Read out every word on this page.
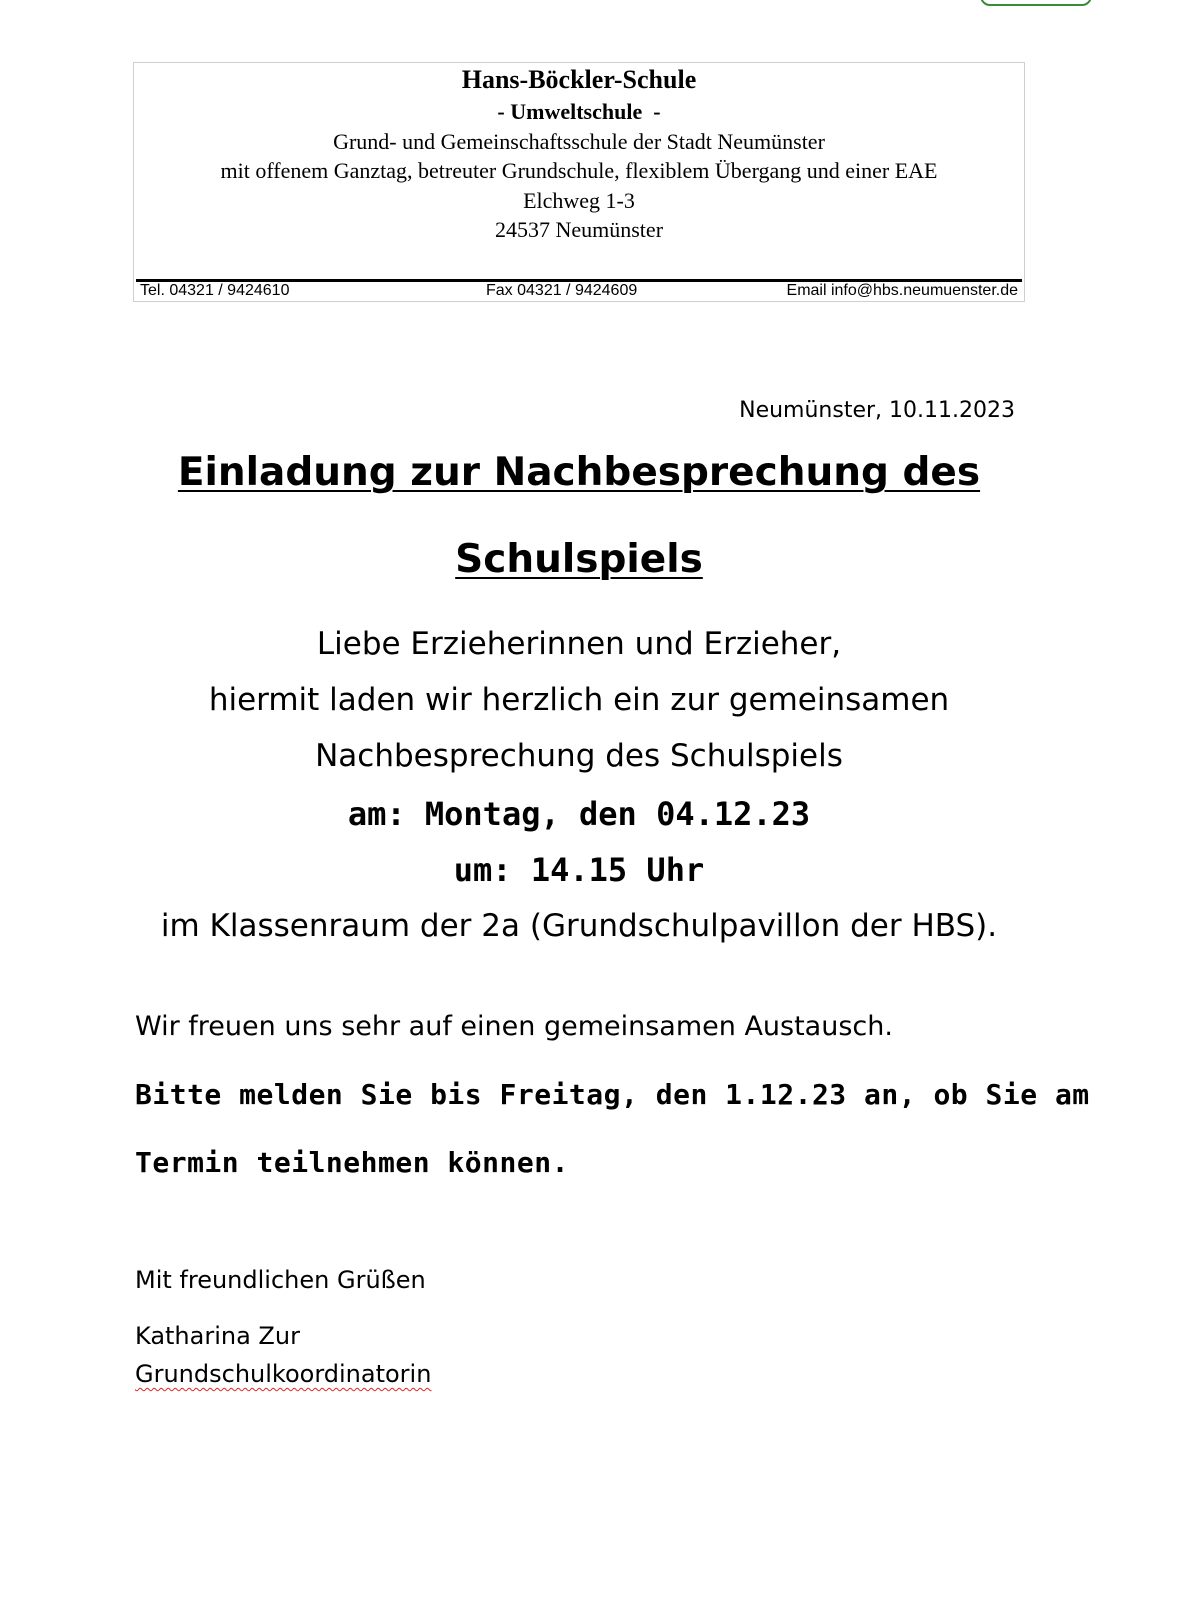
Hans-Böckler-Schule
- Umweltschule  -
Grund- und Gemeinschaftsschule der Stadt Neumünster
mit offenem Ganztag, betreuter Grundschule, flexiblem Übergang und einer EAE
Elchweg 1-3
24537 Neumünster
Tel. 04321 / 9424610	Fax 04321 / 9424609	Email info@hbs.neumuenster.de
Neumünster, 10.11.2023
Einladung zur Nachbesprechung des
Schulspiels
Liebe Erzieherinnen und Erzieher,
hiermit laden wir herzlich ein zur gemeinsamen
Nachbesprechung des Schulspiels
am: Montag, den 04.12.23
um: 14.15 Uhr
im Klassenraum der 2a (Grundschulpavillon der HBS).
Wir freuen uns sehr auf einen gemeinsamen Austausch.
Bitte melden Sie bis Freitag, den 1.12.23 an, ob Sie am
Termin teilnehmen können.
Mit freundlichen Grüßen
Katharina Zur
Grundschulkoordinatorin
